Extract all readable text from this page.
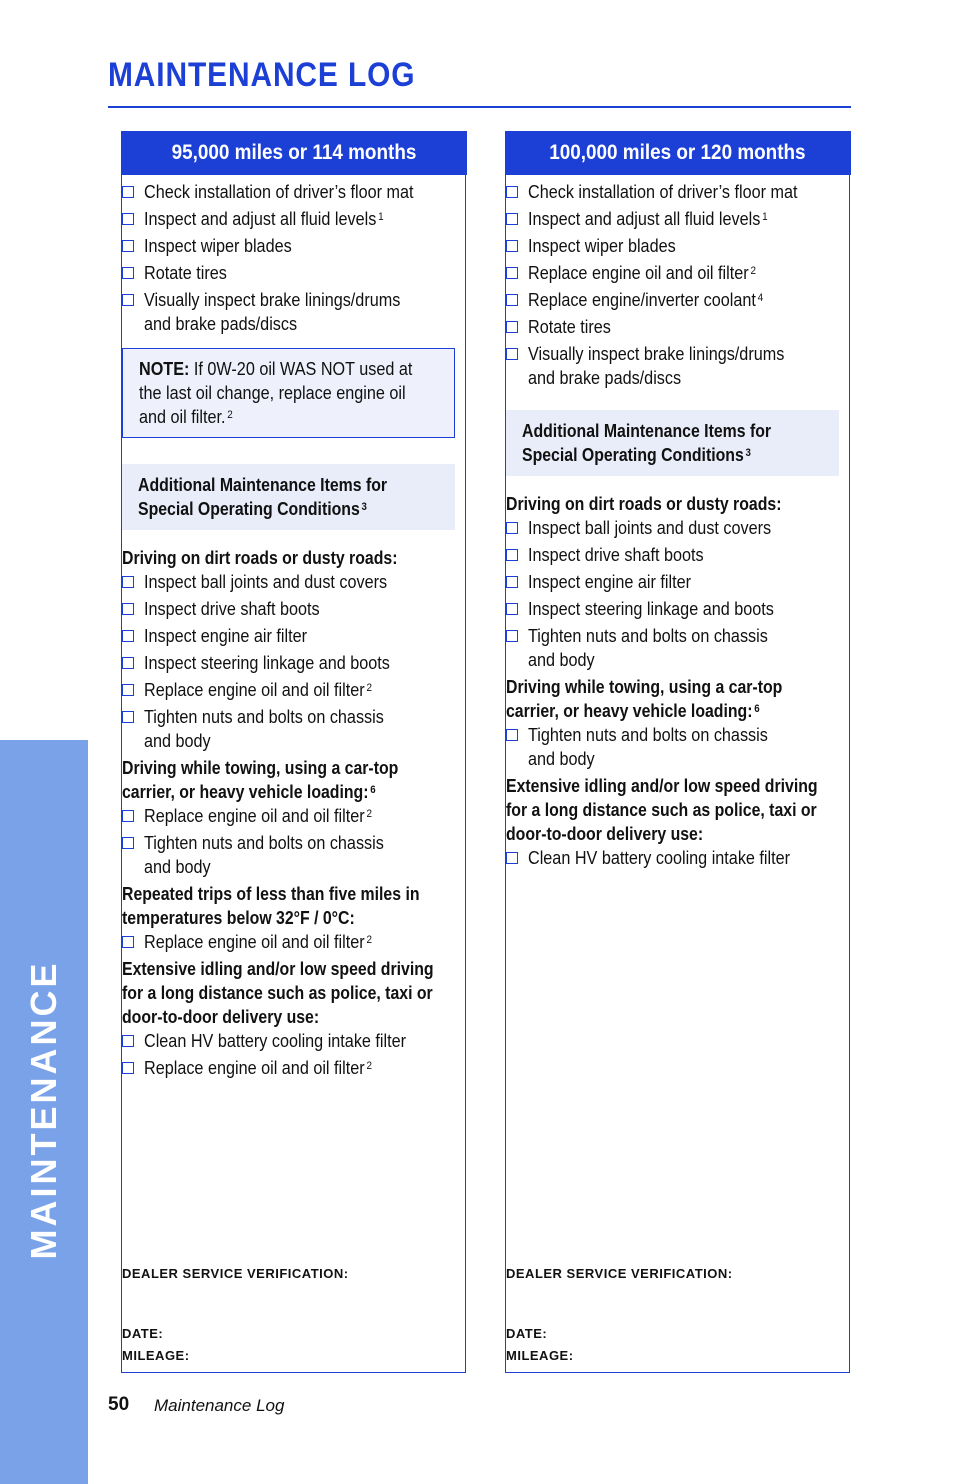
MAINTENANCE
MAINTENANCE LOG
95,000 miles or 114 months
Check installation of driver’s floor mat
Inspect and adjust all fluid levels $^1$
Inspect wiper blades
Rotate tires
Visually inspect brake linings/drums
and brake pads/discs
NOTE: If 0W-20 oil WAS NOT used at
the last oil change, replace engine oil
and oil filter. $^2$
Additional Maintenance Items for
Special Operating Conditions $^3$
Driving on dirt roads or dusty roads:
Inspect ball joints and dust covers
Inspect drive shaft boots
Inspect engine air filter
Inspect steering linkage and boots
Replace engine oil and oil filter $^2$
Tighten nuts and bolts on chassis
and body
Driving while towing, using a car-top
carrier, or heavy vehicle loading: $^6$
Replace engine oil and oil filter $^2$
Tighten nuts and bolts on chassis
and body
Repeated trips of less than five miles in
temperatures below 32°F / 0°C:
Replace engine oil and oil filter $^2$
Extensive idling and/or low speed driving
for a long distance such as police, taxi or
door-to-door delivery use:
Clean HV battery cooling intake filter
Replace engine oil and oil filter $^2$
DEALER SERVICE VERIFICATION:
DATE:
MILEAGE:
100,000 miles or 120 months
Check installation of driver’s floor mat
Inspect and adjust all fluid levels $^1$
Inspect wiper blades
Replace engine oil and oil filter $^2$
Replace engine/inverter coolant $^4$
Rotate tires
Visually inspect brake linings/drums
and brake pads/discs
Additional Maintenance Items for
Special Operating Conditions $^3$
Driving on dirt roads or dusty roads:
Inspect ball joints and dust covers
Inspect drive shaft boots
Inspect engine air filter
Inspect steering linkage and boots
Tighten nuts and bolts on chassis
and body
Driving while towing, using a car-top
carrier, or heavy vehicle loading: $^6$
Tighten nuts and bolts on chassis
and body
Extensive idling and/or low speed driving
for a long distance such as police, taxi or
door-to-door delivery use:
Clean HV battery cooling intake filter
DEALER SERVICE VERIFICATION:
DATE:
MILEAGE:
50 Maintenance Log
